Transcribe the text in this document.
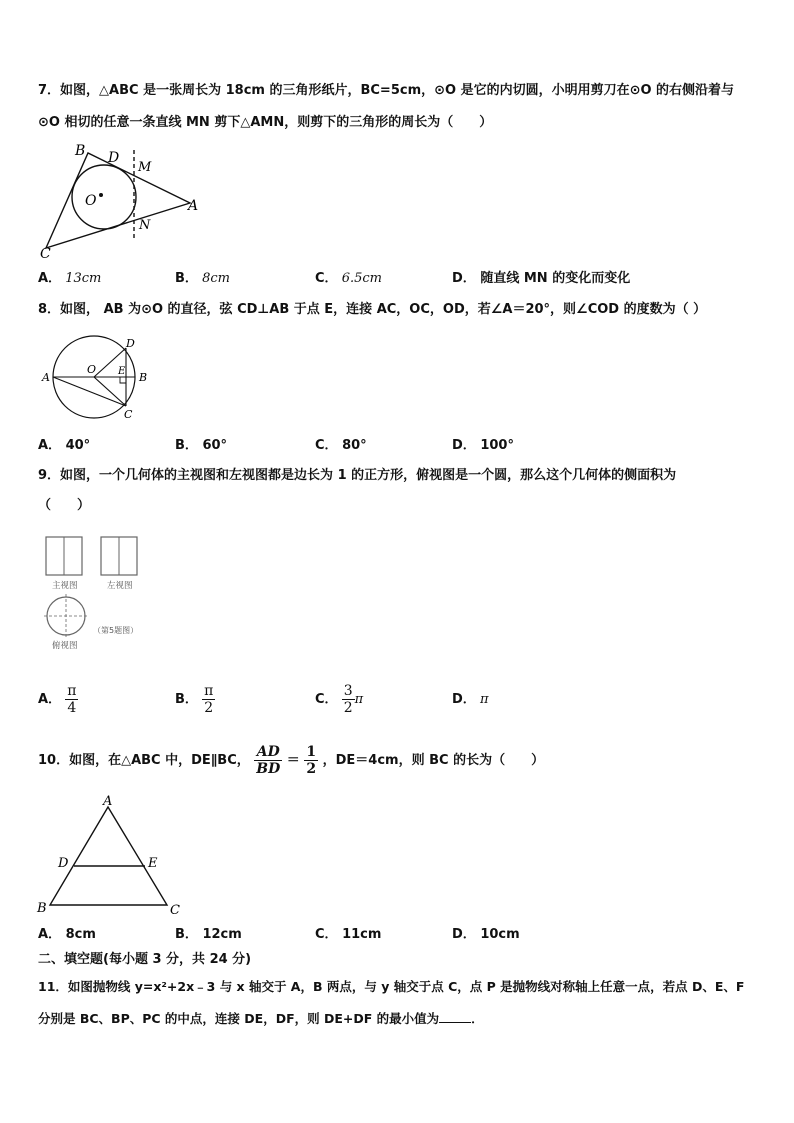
7．如图，△ABC 是一张周长为 18cm 的三角形纸片，BC=5cm，⊙O 是它的内切圆，小明用剪刀在⊙O 的右侧沿着与
⊙O 相切的任意一条直线 MN 剪下△AMN，则剪下的三角形的周长为（　　）
B D
M
O	A
N
C
A． 13cm	B． 8cm	C． 6.5cm	D． 随直线 MN 的变化而变化
8．如图， AB 为⊙O 的直径，弦 CD⊥AB 于点 E，连接 AC，OC，OD，若∠A＝20°，则∠COD 的度数为（ ）
A
O
D
E B
C
A． 40°	B． 60°	C． 80°	D． 100°
9．如图，一个几何体的主视图和左视图都是边长为 1 的正方形，俯视图是一个圆，那么这个几何体的侧面积为
（　　）
主视图	左视图
俯视图
（第5题图）
A． $\frac{\pi}{4}$	B． $\frac{\pi}{2}$	C． $\frac{3}{2}$ π	D． π
10．如图，在△ABC 中，DE∥BC， $\frac{AD}{BD} = \frac{1}{2}$ ，DE＝4cm，则 BC 的长为（　　）
A
D	E
B	C
A． 8cm	B． 12cm	C． 11cm	D． 10cm
二、填空题(每小题 3 分，共 24 分)
11．如图抛物线 y=x²+2x﹣3 与 x 轴交于 A，B 两点，与 y 轴交于点 C，点 P 是抛物线对称轴上任意一点，若点 D、E、F
分别是 BC、BP、PC 的中点，连接 DE，DF，则 DE+DF 的最小值为	．
